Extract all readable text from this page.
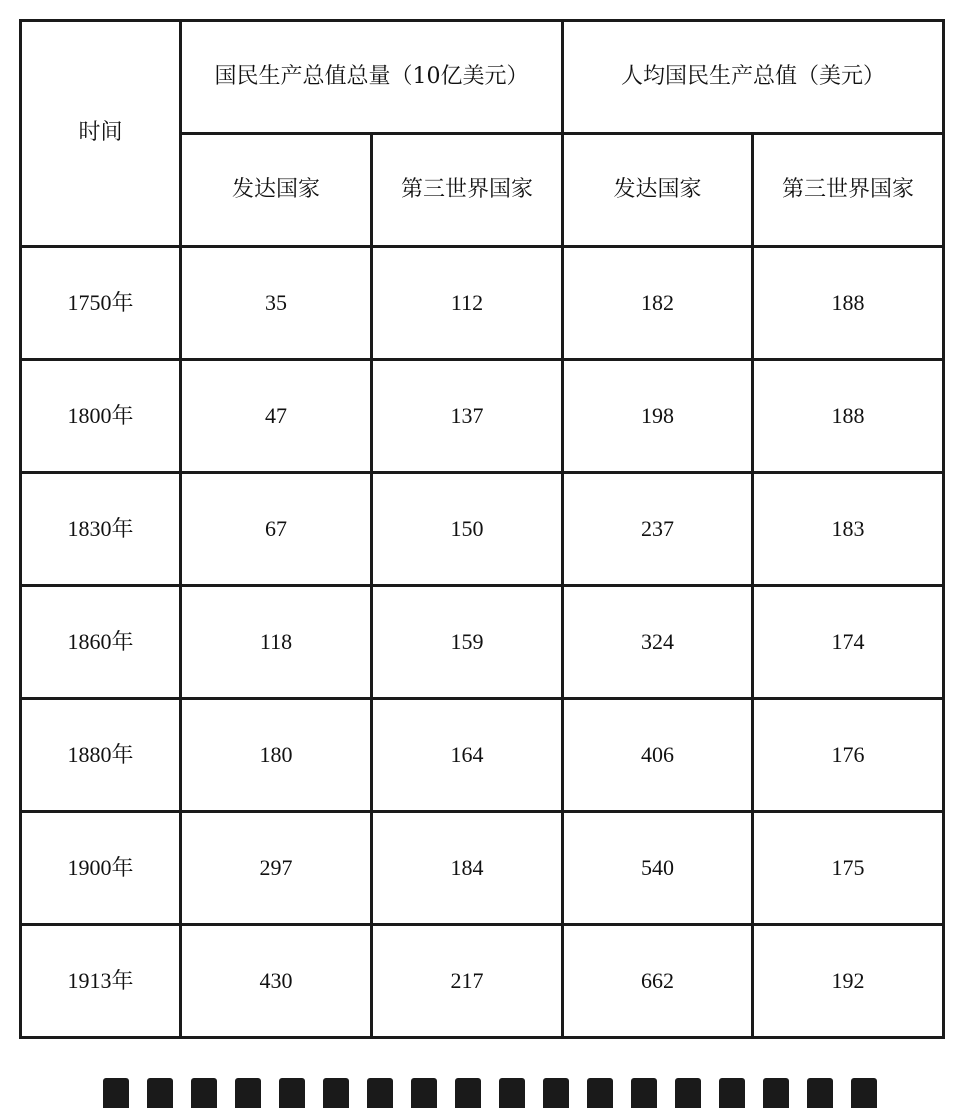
时间	国民生产总值总量（10亿美元）		人均国民生产总值（美元）	
	发达国家	第三世界国家	发达国家	第三世界国家
1750年	35	112	182	188
1800年	47	137	198	188
1830年	67	150	237	183
1860年	118	159	324	174
1880年	180	164	406	176
1900年	297	184	540	175
1913年	430	217	662	192
